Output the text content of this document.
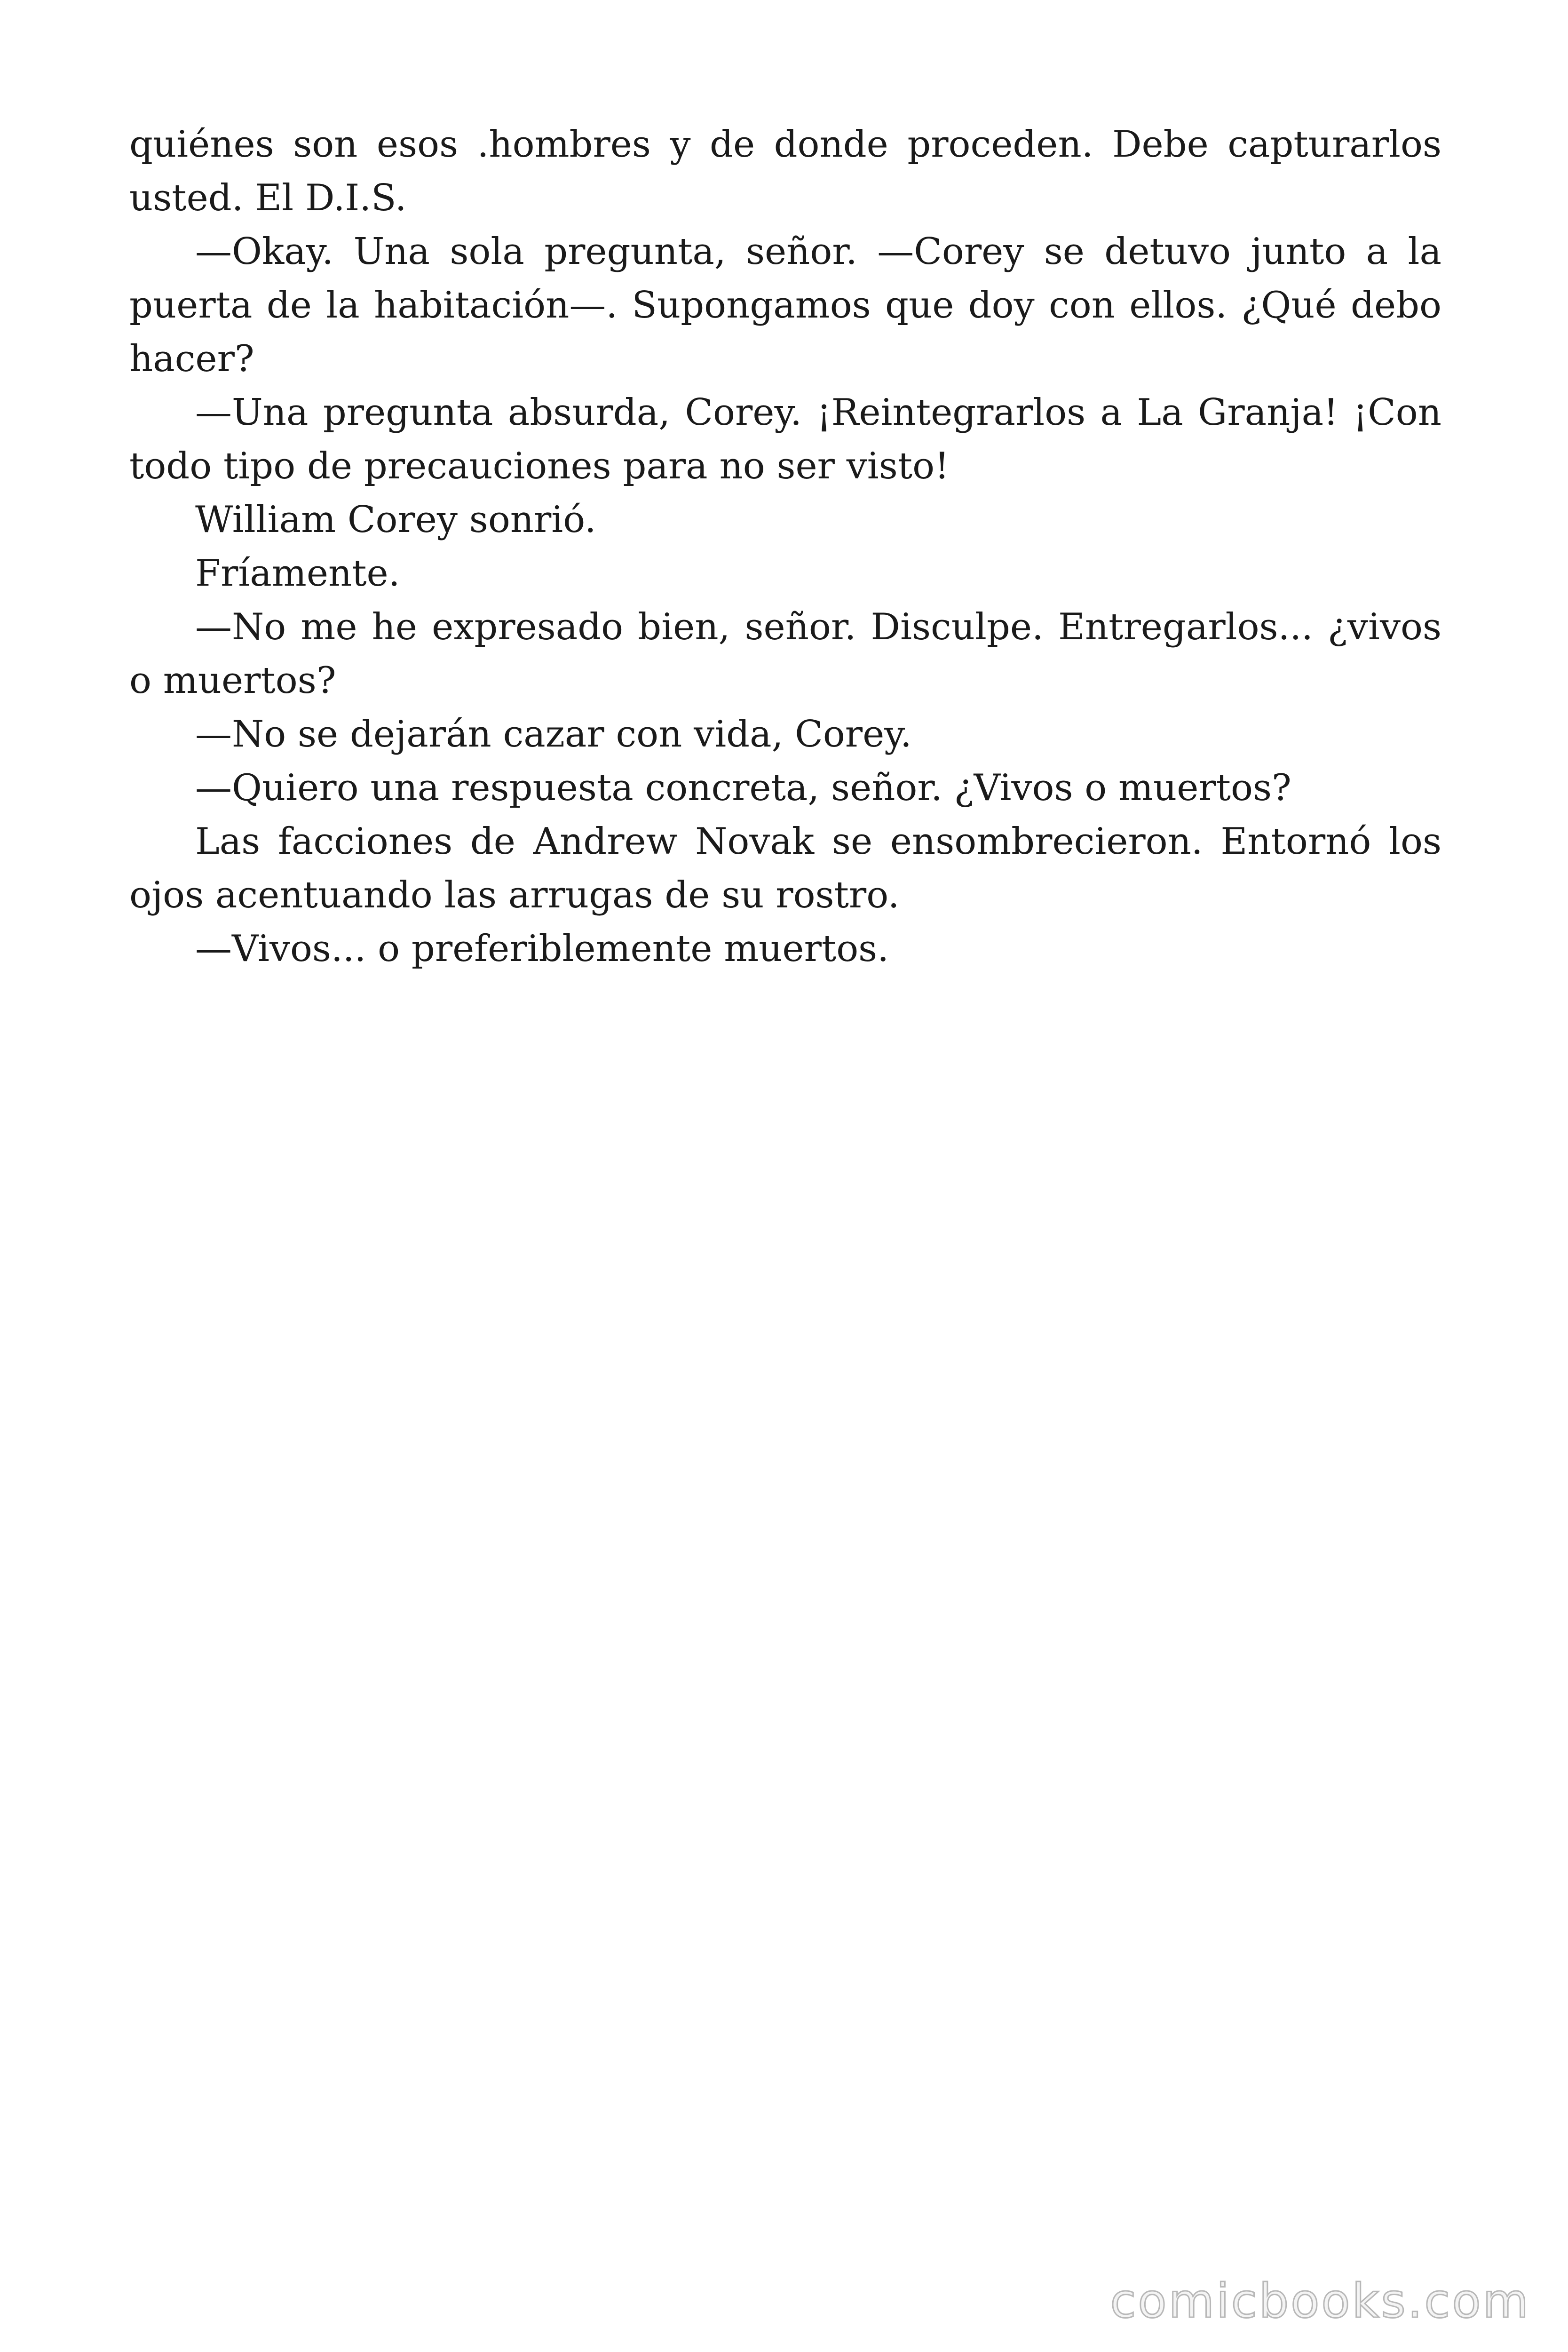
quiénes son esos .hombres y de donde proceden. Debe capturarlos usted. El D.I.S.

—Okay. Una sola pregunta, señor. —Corey se detuvo junto a la puerta de la habitación—. Supongamos que doy con ellos. ¿Qué debo hacer?

—Una pregunta absurda, Corey. ¡Reintegrarlos a La Granja! ¡Con todo tipo de precauciones para no ser visto!

William Corey sonrió.

Fríamente.

—No me he expresado bien, señor. Disculpe. Entregarlos... ¿vivos o muertos?

—No se dejarán cazar con vida, Corey.

—Quiero una respuesta concreta, señor. ¿Vivos o muertos?

Las facciones de Andrew Novak se ensombrecieron. Entornó los ojos acentuando las arrugas de su rostro.

—Vivos... o preferiblemente muertos.

comicbooks.com
